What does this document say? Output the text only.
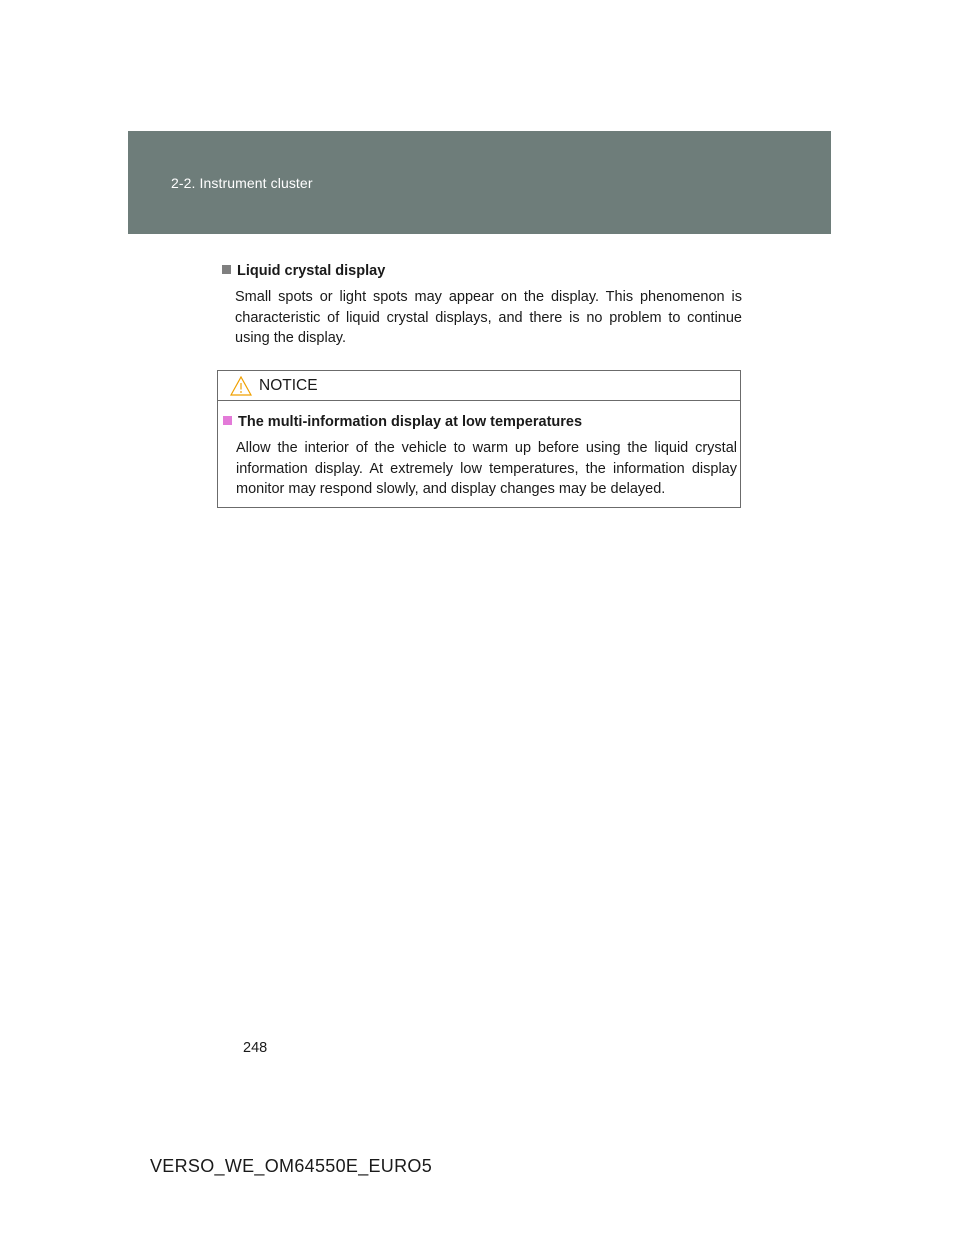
2-2. Instrument cluster
Liquid crystal display
Small spots or light spots may appear on the display. This phenomenon is characteristic of liquid crystal displays, and there is no problem to continue using the display.
NOTICE
The multi-information display at low temperatures
Allow the interior of the vehicle to warm up before using the liquid crystal information display. At extremely low temperatures, the information display monitor may respond slowly, and display changes may be delayed.
248
VERSO_WE_OM64550E_EURO5
